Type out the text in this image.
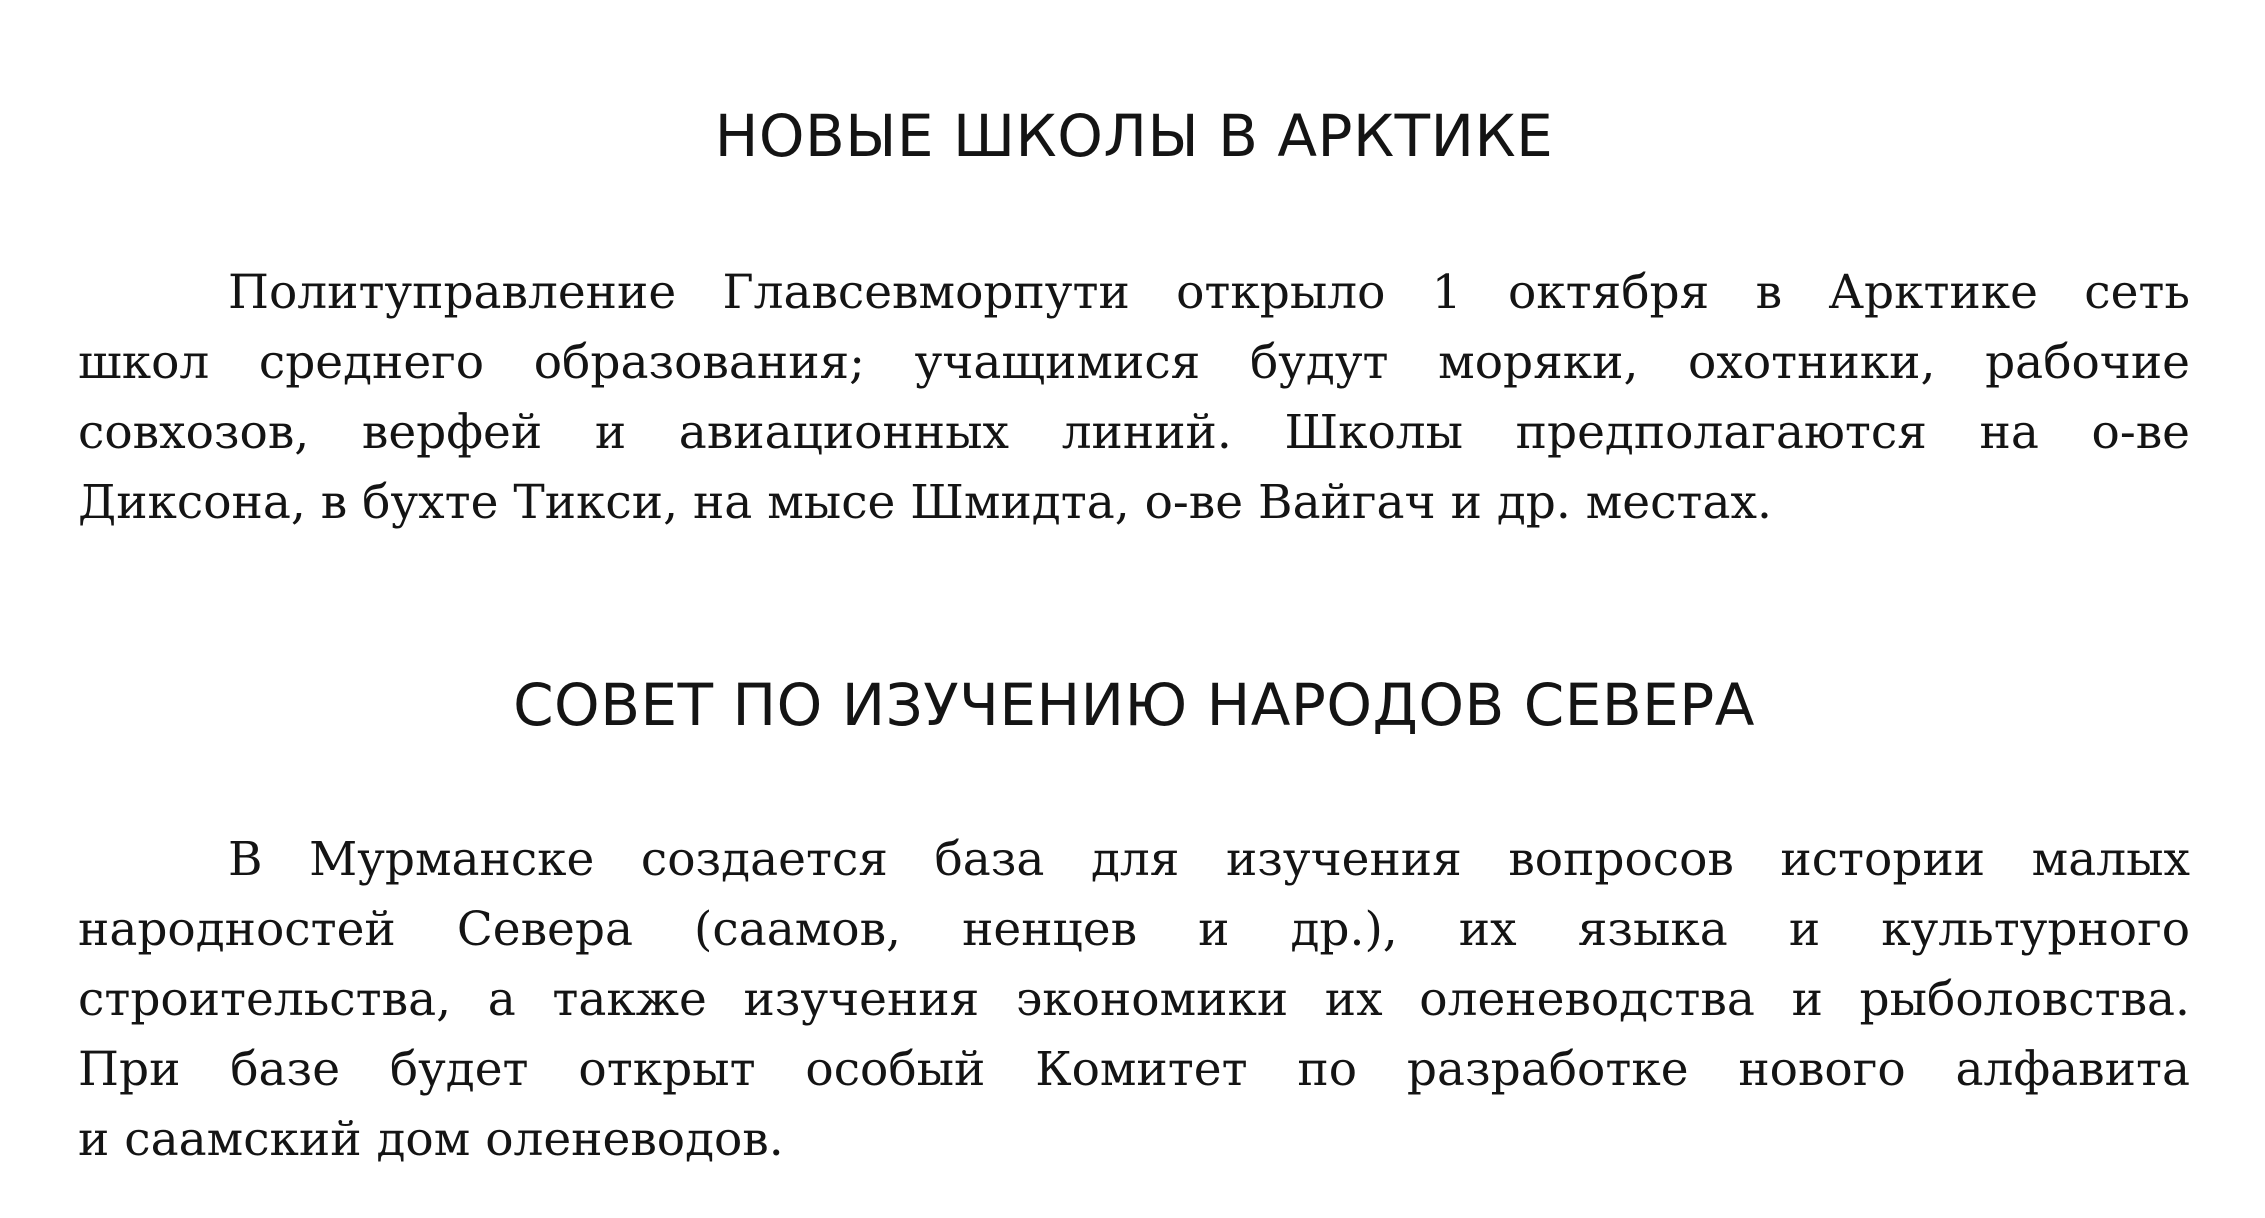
НОВЫЕ ШКОЛЫ В АРКТИКЕ

Политуправление Главсевморпути открыло 1 октября в Арктике сеть
школ среднего образования; учащимися будут моряки, охотники, рабочие
совхозов, верфей и авиационных линий. Школы предполагаются на о-ве
Диксона, в бухте Тикси, на мысе Шмидта, о-ве Вайгач и др. местах.

СОВЕТ ПО ИЗУЧЕНИЮ НАРОДОВ СЕВЕРА

В Мурманске создается база для изучения вопросов истории малых
народностей Севера (саамов, ненцев и др.), их языка и культурного
строительства, а также изучения экономики их оленеводства и рыболовства.
При базе будет открыт особый Комитет по разработке нового алфавита
и саамский дом оленеводов.
